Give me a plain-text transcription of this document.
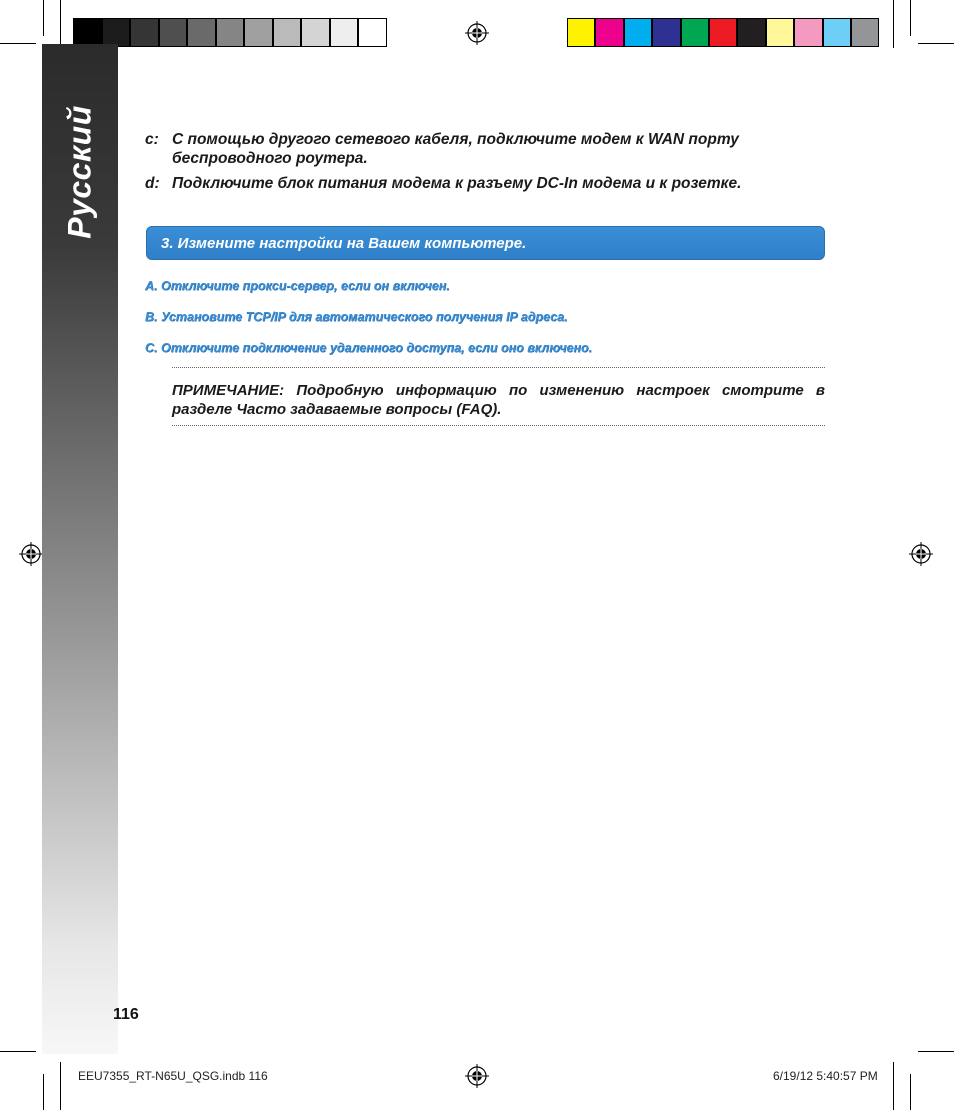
Русский	c: С помощью другого сетевого кабеля, подключите модем к WAN порту беспроводного роутера.
d: Подключите блок питания модема к разъему DC-In модема и к розетке.
3. Измените настройки на Вашем компьютере.
A. Отключите прокси-сервер, если он включен.
B. Установите TCP/IP для автоматического получения IP адреса.
C. Отключите подключение удаленного доступа, если оно включено.
ПРИМЕЧАНИЕ: Подробную информацию по изменению настроек смотрите в разделе Часто задаваемые вопросы (FAQ).
116
EEU7355_RT-N65U_QSG.indb 116	6/19/12 5:40:57 PM
